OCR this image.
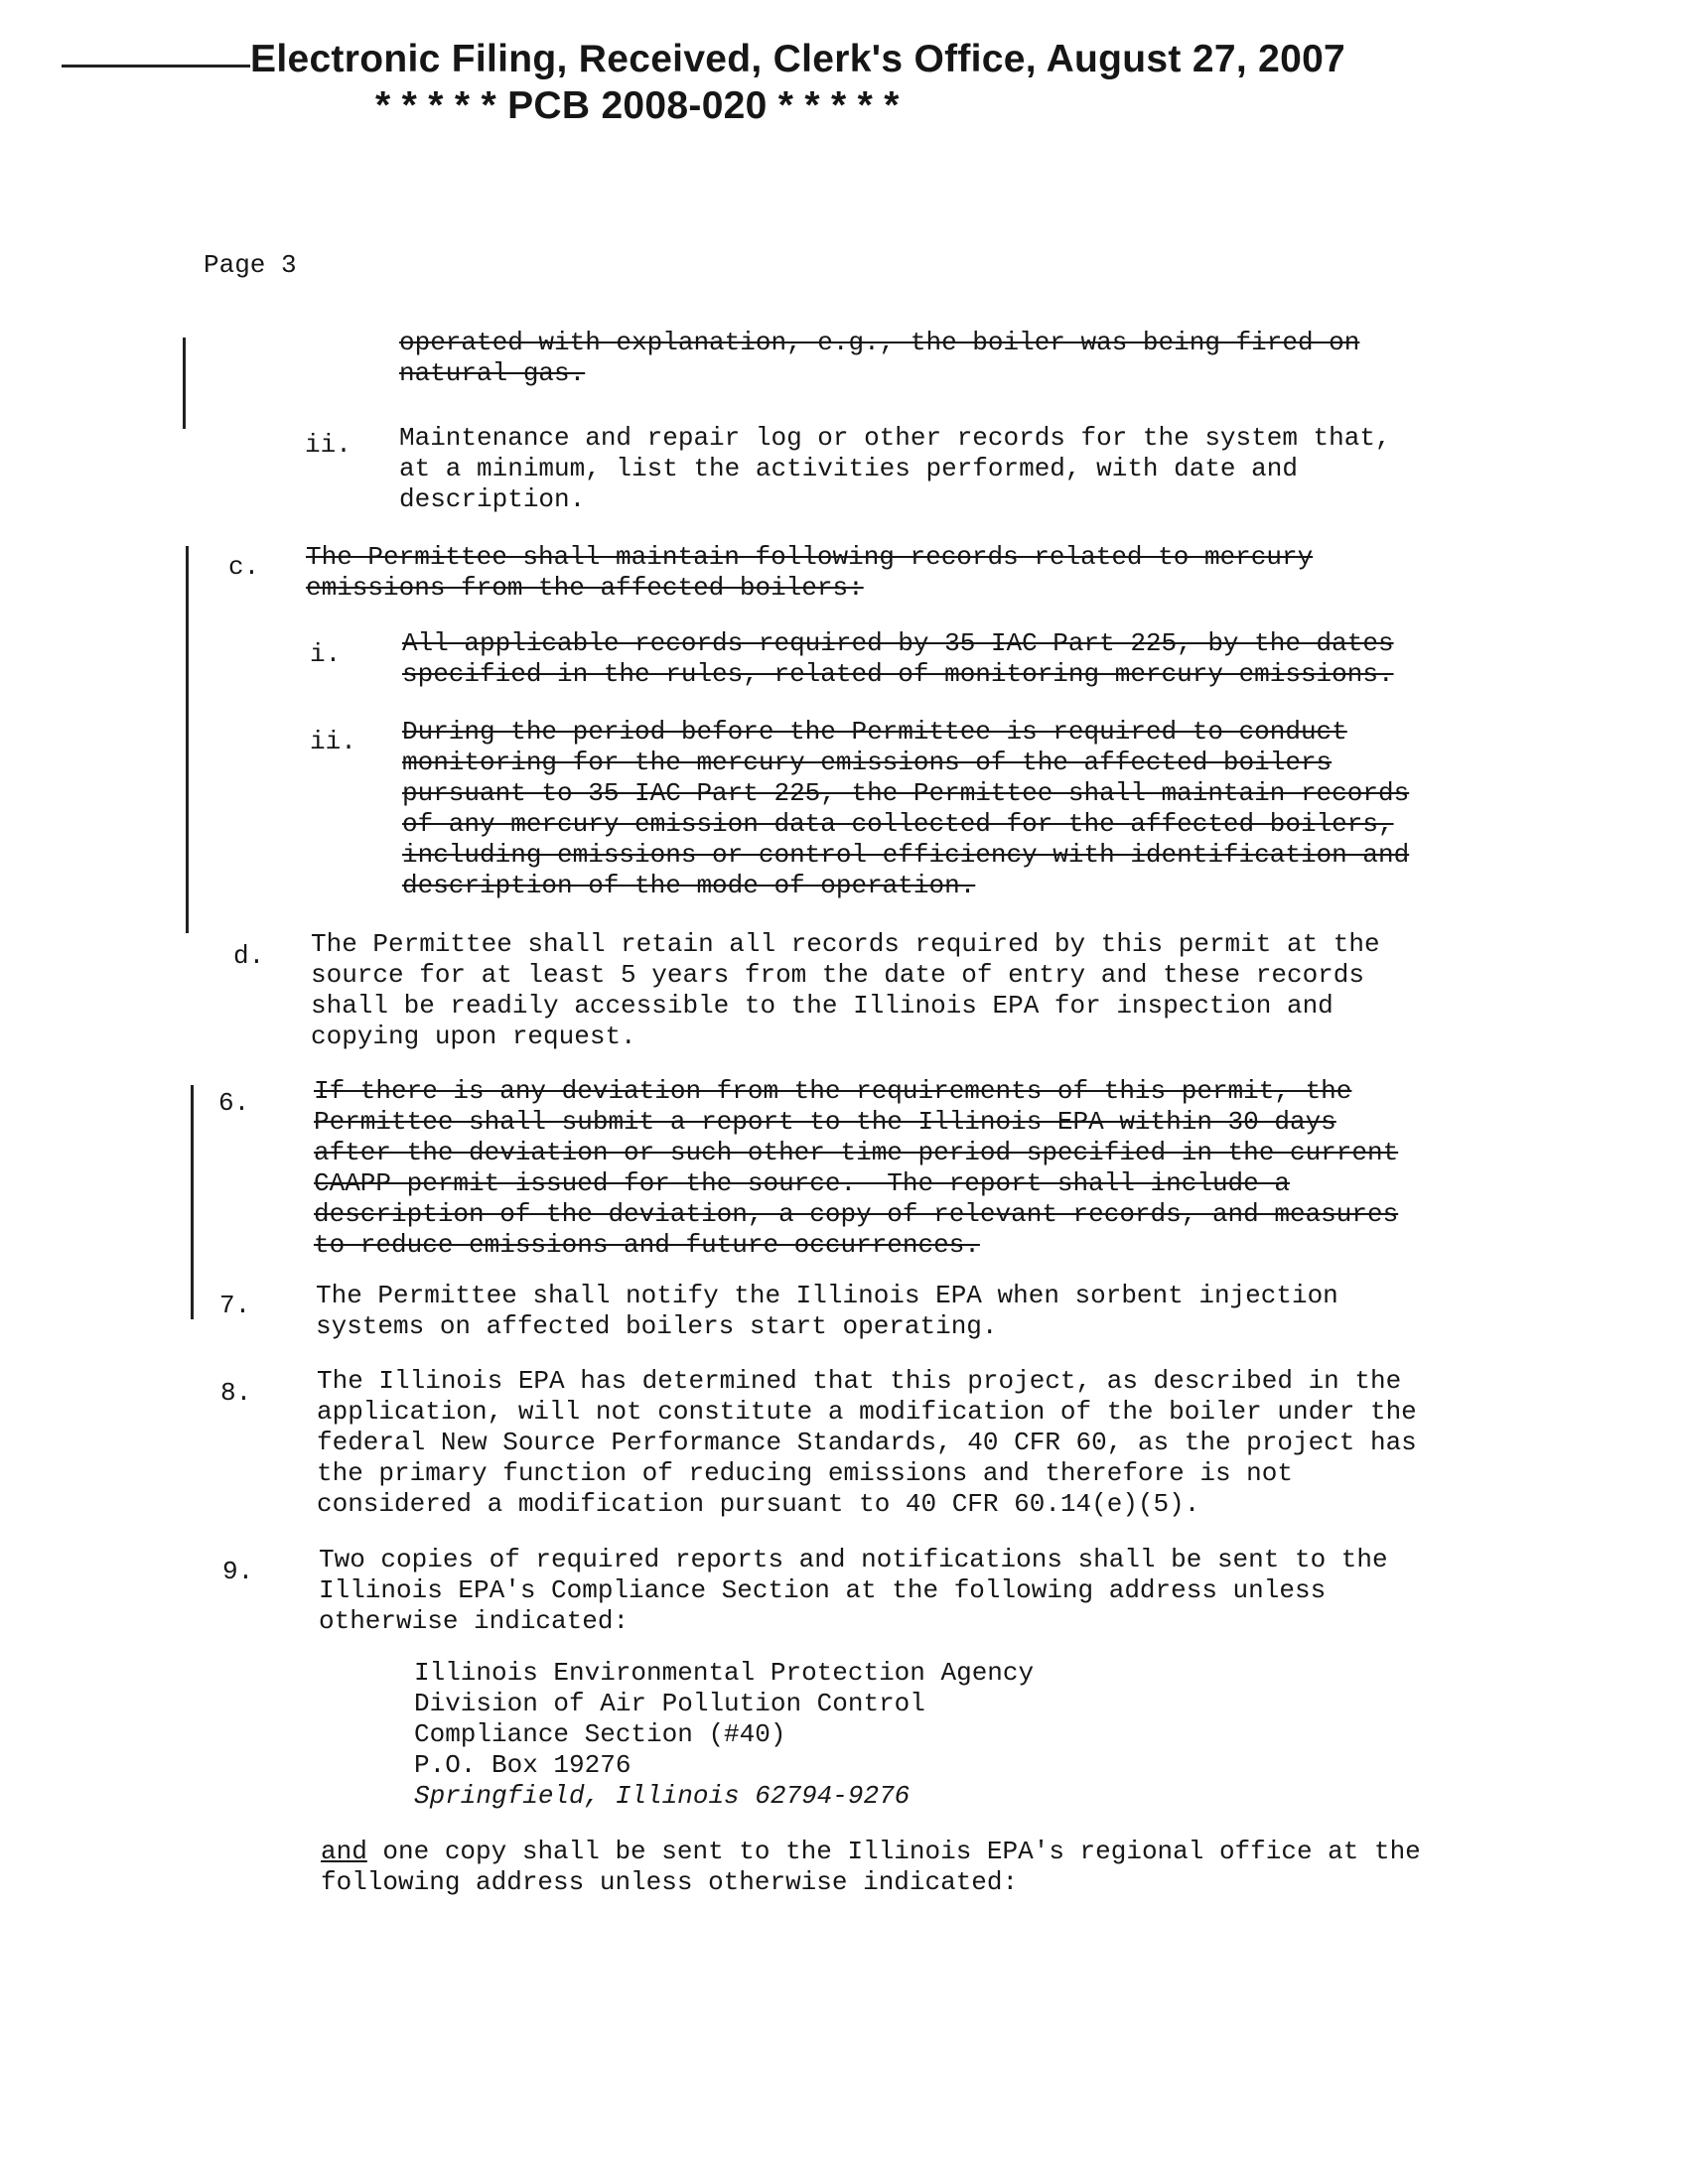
Electronic Filing, Received, Clerk's Office, August 27, 2007
* * * * * PCB 2008-020 * * * * *
Page 3
operated with explanation, e.g., the boiler was being fired on
natural gas.
ii. Maintenance and repair log or other records for the system that,
at a minimum, list the activities performed, with date and
description.
c. The Permittee shall maintain following records related to mercury
emissions from the affected boilers:
i. All applicable records required by 35 IAC Part 225, by the dates
specified in the rules, related of monitoring mercury emissions.
ii. During the period before the Permittee is required to conduct
monitoring for the mercury emissions of the affected boilers
pursuant to 35 IAC Part 225, the Permittee shall maintain records
of any mercury emission data collected for the affected boilers,
including emissions or control efficiency with identification and
description of the mode of operation.
d. The Permittee shall retain all records required by this permit at the
source for at least 5 years from the date of entry and these records
shall be readily accessible to the Illinois EPA for inspection and
copying upon request.
6. If there is any deviation from the requirements of this permit, the
Permittee shall submit a report to the Illinois EPA within 30 days
after the deviation or such other time period specified in the current
CAAPP permit issued for the source.  The report shall include a
description of the deviation, a copy of relevant records, and measures
to reduce emissions and future occurrences.
7.	The Permittee shall notify the Illinois EPA when sorbent injection
systems on affected boilers start operating.
8.	The Illinois EPA has determined that this project, as described in the
application, will not constitute a modification of the boiler under the
federal New Source Performance Standards, 40 CFR 60, as the project has
the primary function of reducing emissions and therefore is not
considered a modification pursuant to 40 CFR 60.14(e)(5).
9.	Two copies of required reports and notifications shall be sent to the
Illinois EPA's Compliance Section at the following address unless
otherwise indicated:
Illinois Environmental Protection Agency
Division of Air Pollution Control
Compliance Section (#40)
P.O. Box 19276
Springfield, Illinois 62794-9276
and one copy shall be sent to the Illinois EPA's regional office at the
following address unless otherwise indicated:
